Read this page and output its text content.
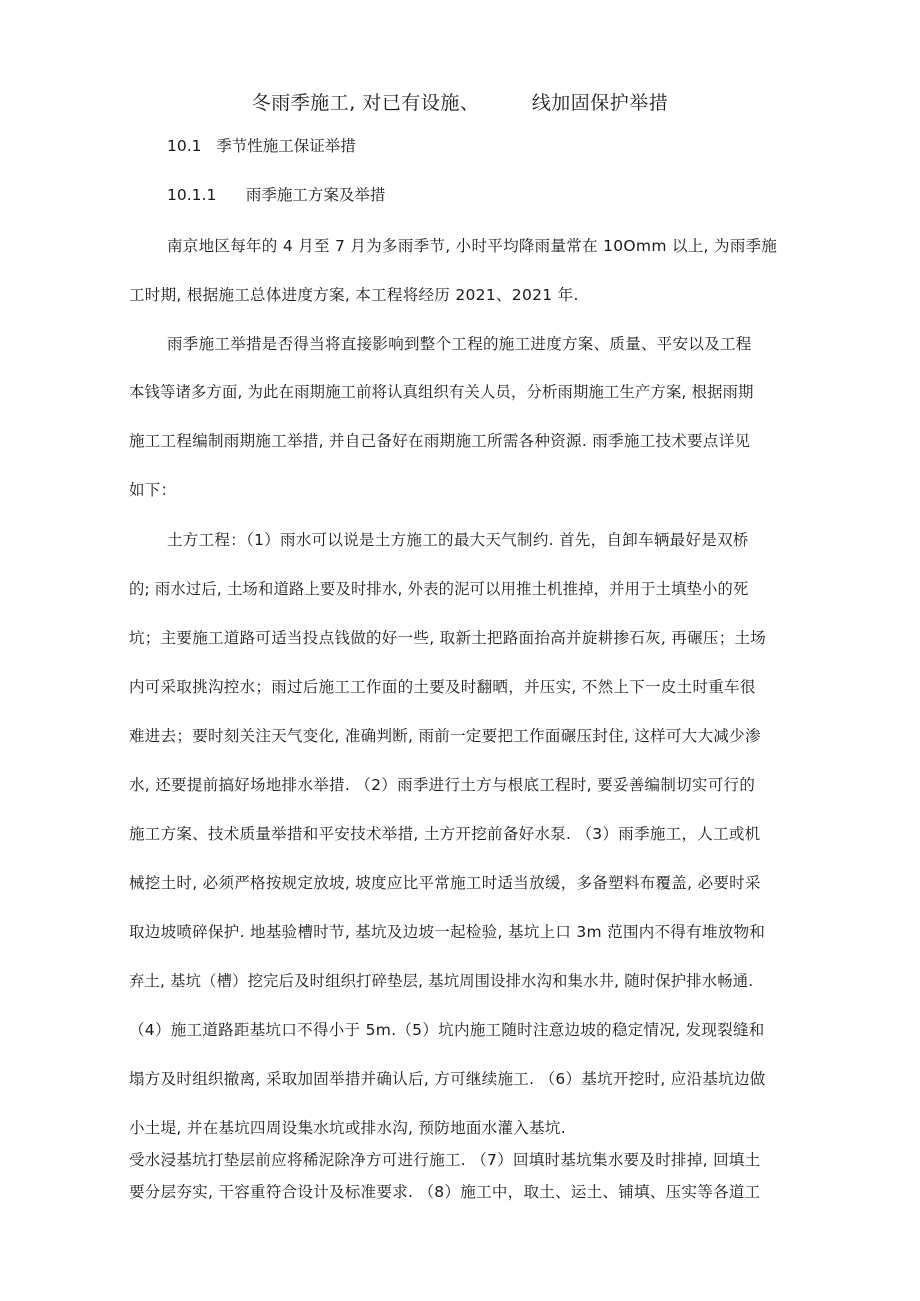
冬雨季施工, 对已有设施、        线加固保护举措
10.1   季节性施工保证举措
10.1.1      雨季施工方案及举措
南京地区每年的 4 月至 7 月为多雨季节, 小时平均降雨量常在 10Omm 以上, 为雨季施
工时期, 根据施工总体进度方案, 本工程将经历 2021、2021 年.
雨季施工举措是否得当将直接影响到整个工程的施工进度方案、质量、平安以及工程
本钱等诸多方面, 为此在雨期施工前将认真组织有关人员，分析雨期施工生产方案, 根据雨期
施工工程编制雨期施工举措, 并自己备好在雨期施工所需各种资源. 雨季施工技术要点详见
如下：
土方工程：（1）雨水可以说是土方施工的最大天气制约. 首先，自卸车辆最好是双桥
的; 雨水过后, 土场和道路上要及时排水, 外表的泥可以用推土机推掉，并用于土填垫小的死
坑；主要施工道路可适当投点钱做的好一些, 取新土把路面抬高并旋耕掺石灰, 再碾压；土场
内可采取挑沟控水；雨过后施工工作面的土要及时翻晒，并压实, 不然上下一皮土时重车很
难进去；要时刻关注天气变化, 准确判断, 雨前一定要把工作面碾压封住, 这样可大大减少渗
水, 还要提前搞好场地排水举措. （2）雨季进行土方与根底工程时, 要妥善编制切实可行的
施工方案、技术质量举措和平安技术举措, 土方开挖前备好水泵. （3）雨季施工，人工或机
械挖土时, 必须严格按规定放坡, 坡度应比平常施工时适当放缓，多备塑料布覆盖, 必要时采
取边坡喷碎保护. 地基验槽时节, 基坑及边坡一起检验, 基坑上口 3m 范围内不得有堆放物和
弃土, 基坑（槽）挖完后及时组织打碎垫层, 基坑周围设排水沟和集水井, 随时保护排水畅通.
（4）施工道路距基坑口不得小于 5m.（5）坑内施工随时注意边坡的稳定情况, 发现裂缝和
塌方及时组织撤离, 采取加固举措并确认后, 方可继续施工. （6）基坑开挖时, 应沿基坑边做
小土堤, 并在基坑四周设集水坑或排水沟, 预防地面水灌入基坑.
受水浸基坑打垫层前应将稀泥除净方可进行施工. （7）回填时基坑集水要及时排掉, 回填土
要分层夯实, 干容重符合设计及标准要求. （8）施工中，取土、运土、铺填、压实等各道工
